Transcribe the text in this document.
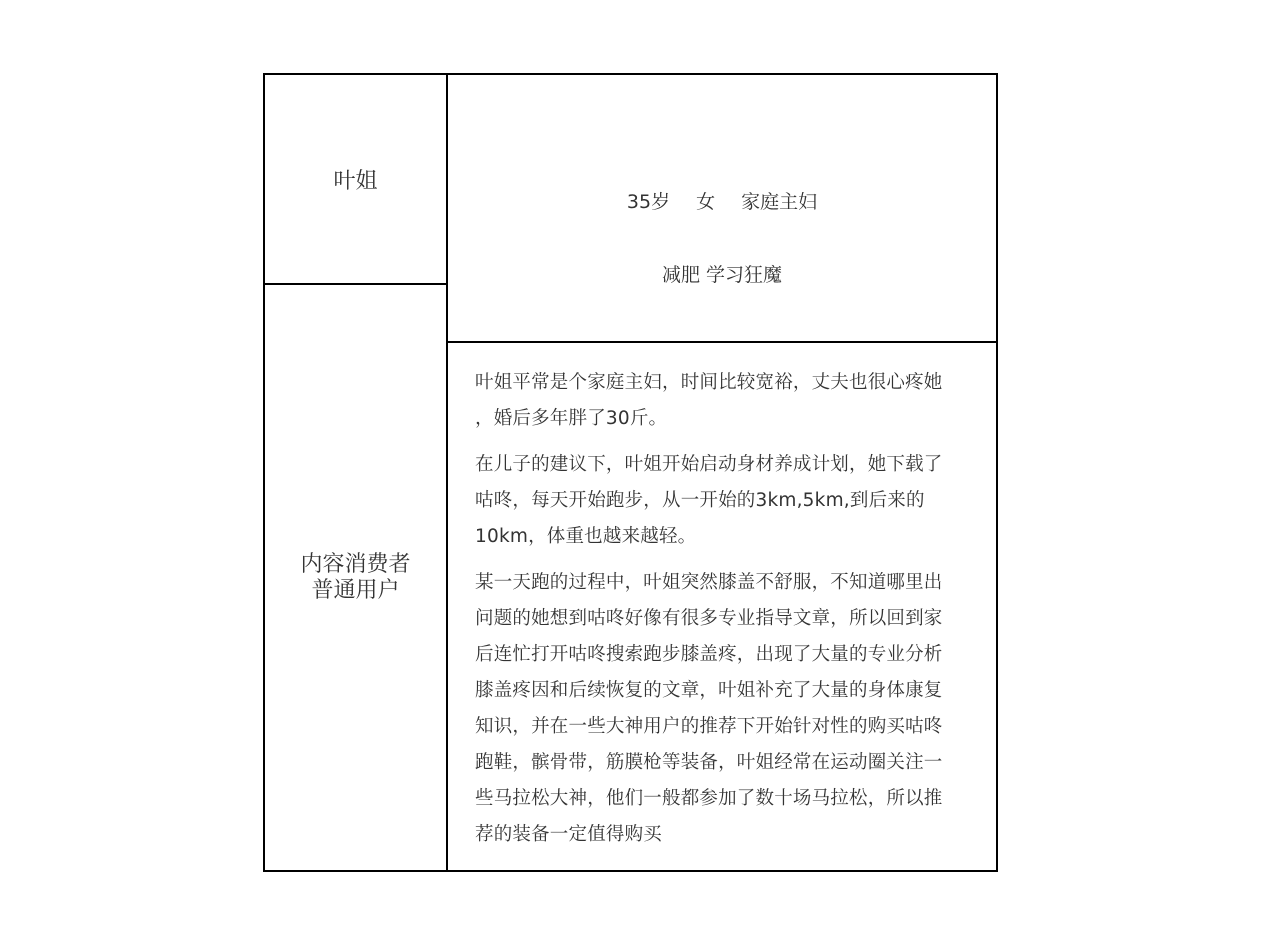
叶姐
内容消费者
普通用户
35岁 女 家庭主妇
减肥 学习狂魔
叶姐平常是个家庭主妇，时间比较宽裕，丈夫也很心疼她
，婚后多年胖了30斤。
在儿子的建议下，叶姐开始启动身材养成计划，她下载了
咕咚，每天开始跑步，从一开始的3km,5km,到后来的
10km，体重也越来越轻。
某一天跑的过程中，叶姐突然膝盖不舒服，不知道哪里出
问题的她想到咕咚好像有很多专业指导文章，所以回到家
后连忙打开咕咚搜索跑步膝盖疼，出现了大量的专业分析
膝盖疼因和后续恢复的文章，叶姐补充了大量的身体康复
知识，并在一些大神用户的推荐下开始针对性的购买咕咚
跑鞋，髌骨带，筋膜枪等装备，叶姐经常在运动圈关注一
些马拉松大神，他们一般都参加了数十场马拉松，所以推
荐的装备一定值得购买
